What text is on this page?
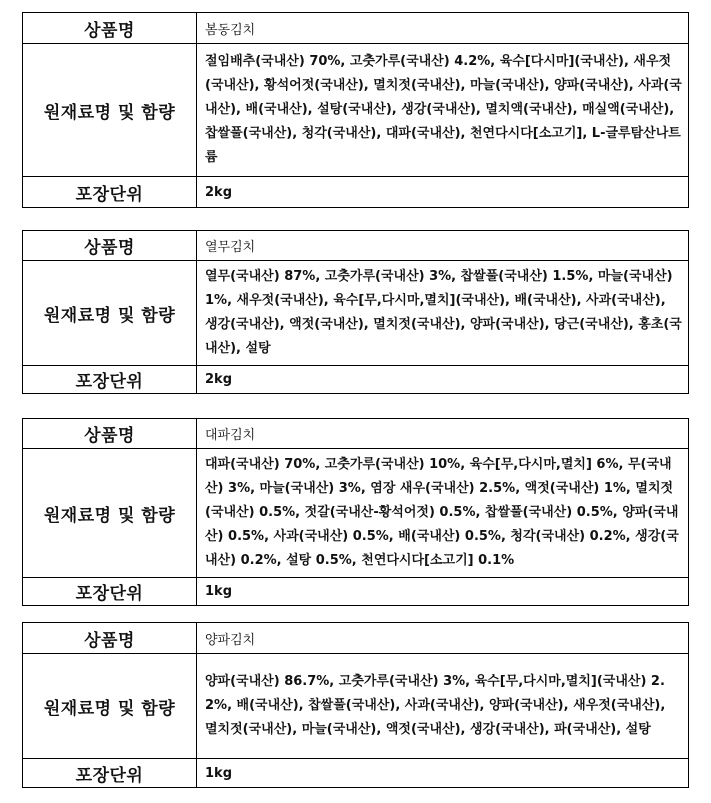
상품명	봄동김치
원재료명 및 함량	절임배추(국내산) 70%, 고춧가루(국내산) 4.2%, 육수[다시마](국내산), 새우젓(국내산), 황석어젓(국내산), 멸치젓(국내산), 마늘(국내산), 양파(국내산), 사과(국내산), 배(국내산), 설탕(국내산), 생강(국내산), 멸치액(국내산), 매실액(국내산), 찹쌀풀(국내산), 청각(국내산), 대파(국내산), 천연다시다[소고기], L-글루탐산나트륨
포장단위	2kg
상품명	열무김치
원재료명 및 함량	열무(국내산) 87%, 고춧가루(국내산) 3%, 찹쌀풀(국내산) 1.5%, 마늘(국내산) 1%, 새우젓(국내산), 육수[무,다시마,멸치](국내산), 배(국내산), 사과(국내산), 생강(국내산), 액젓(국내산), 멸치젓(국내산), 양파(국내산), 당근(국내산), 홍초(국내산), 설탕
포장단위	2kg
상품명	대파김치
원재료명 및 함량	대파(국내산) 70%, 고춧가루(국내산) 10%, 육수[무,다시마,멸치] 6%, 무(국내산) 3%, 마늘(국내산) 3%, 염장 새우(국내산) 2.5%, 액젓(국내산) 1%, 멸치젓(국내산) 0.5%, 젓갈(국내산-황석어젓) 0.5%, 찹쌀풀(국내산) 0.5%, 양파(국내산) 0.5%, 사과(국내산) 0.5%, 배(국내산) 0.5%, 청각(국내산) 0.2%, 생강(국내산) 0.2%, 설탕 0.5%, 천연다시다[소고기] 0.1%
포장단위	1kg
상품명	양파김치
원재료명 및 함량	양파(국내산) 86.7%, 고춧가루(국내산) 3%, 육수[무,다시마,멸치](국내산) 2.2%, 배(국내산), 찹쌀풀(국내산), 사과(국내산), 양파(국내산), 새우젓(국내산), 멸치젓(국내산), 마늘(국내산), 액젓(국내산), 생강(국내산), 파(국내산), 설탕
포장단위	1kg
